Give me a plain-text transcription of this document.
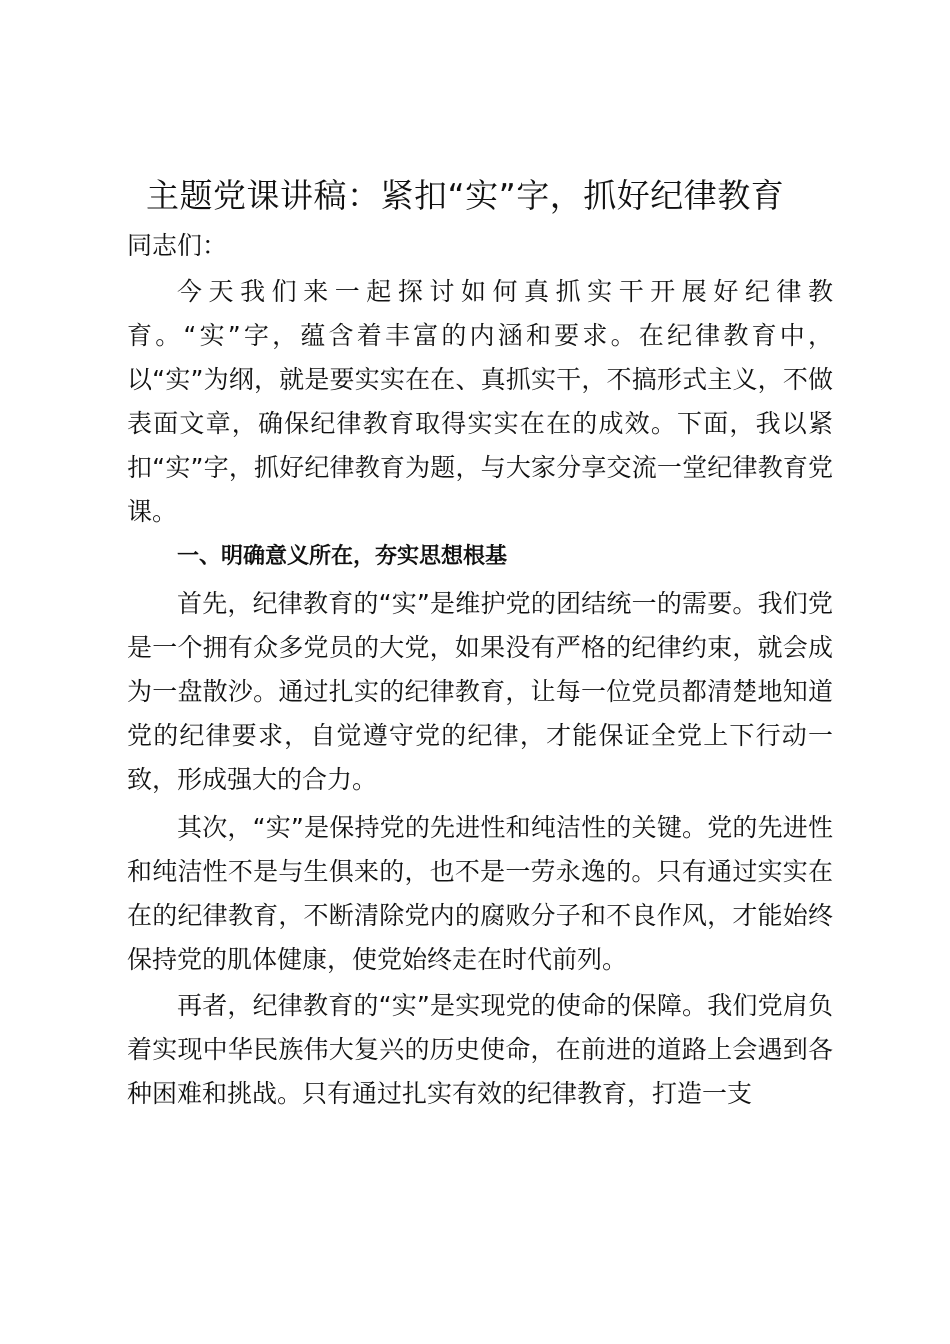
主题党课讲稿：紧扣“实”字，抓好纪律教育

同志们：

今天我们来一起探讨如何真抓实干开展好纪律教育。“实”字，蕴含着丰富的内涵和要求。在纪律教育中，以“实”为纲，就是要实实在在、真抓实干，不搞形式主义，不做表面文章，确保纪律教育取得实实在在的成效。下面，我以紧扣“实”字，抓好纪律教育为题，与大家分享交流一堂纪律教育党课。

一、明确意义所在，夯实思想根基

首先，纪律教育的“实”是维护党的团结统一的需要。我们党是一个拥有众多党员的大党，如果没有严格的纪律约束，就会成为一盘散沙。通过扎实的纪律教育，让每一位党员都清楚地知道党的纪律要求，自觉遵守党的纪律，才能保证全党上下行动一致，形成强大的合力。

其次，“实”是保持党的先进性和纯洁性的关键。党的先进性和纯洁性不是与生俱来的，也不是一劳永逸的。只有通过实实在在的纪律教育，不断清除党内的腐败分子和不良作风，才能始终保持党的肌体健康，使党始终走在时代前列。

再者，纪律教育的“实”是实现党的使命的保障。我们党肩负着实现中华民族伟大复兴的历史使命，在前进的道路上会遇到各种困难和挑战。只有通过扎实有效的纪律教育，打造一支
